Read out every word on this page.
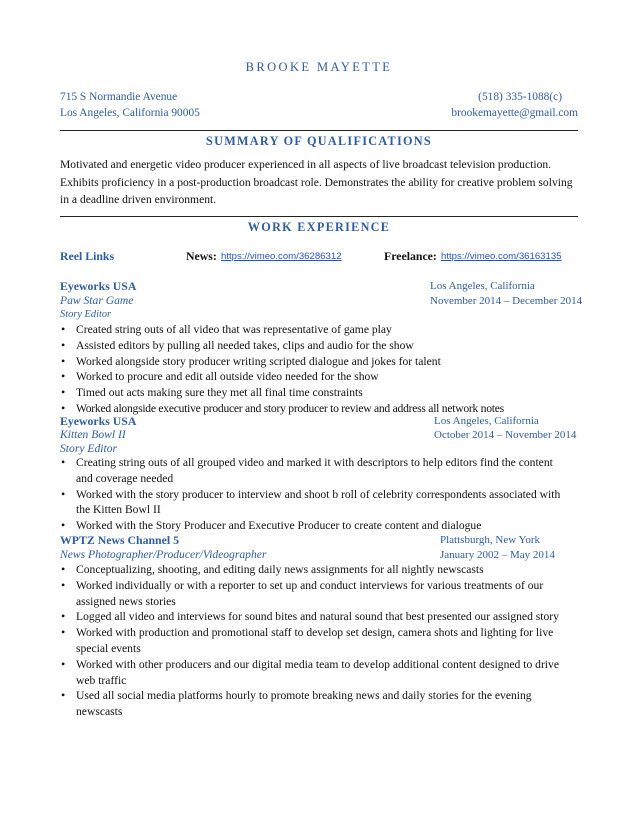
BROOKE MAYETTE
715 S Normandie Avenue
Los Angeles, California 90005
(518) 335-1088(c)
brookemayette@gmail.com
SUMMARY OF QUALIFICATIONS
Motivated and energetic video producer experienced in all aspects of live broadcast television production. Exhibits proficiency in a post-production broadcast role. Demonstrates the ability for creative problem solving in a deadline driven environment.
WORK EXPERIENCE
Reel Links	News: https://vimeo.com/36286312	Freelance: https://vimeo.com/36163135
Eyeworks USA	Los Angeles, California
Paw Star Game	November 2014 – December 2014
Story Editor
• Created string outs of all video that was representative of game play
• Assisted editors by pulling all needed takes, clips and audio for the show
• Worked alongside story producer writing scripted dialogue and jokes for talent
• Worked to procure and edit all outside video needed for the show
• Timed out acts making sure they met all final time constraints
• Worked alongside executive producer and story producer to review and address all network notes
Eyeworks USA	Los Angeles, California
Kitten Bowl II	October 2014 – November 2014
Story Editor
• Creating string outs of all grouped video and marked it with descriptors to help editors find the content and coverage needed
• Worked with the story producer to interview and shoot b roll of celebrity correspondents associated with the Kitten Bowl II
• Worked with the Story Producer and Executive Producer to create content and dialogue
WPTZ News Channel 5	Plattsburgh, New York
News Photographer/Producer/Videographer	January 2002 – May 2014
• Conceptualizing, shooting, and editing daily news assignments for all nightly newscasts
• Worked individually or with a reporter to set up and conduct interviews for various treatments of our assigned news stories
• Logged all video and interviews for sound bites and natural sound that best presented our assigned story
• Worked with production and promotional staff to develop set design, camera shots and lighting for live special events
• Worked with other producers and our digital media team to develop additional content designed to drive web traffic
• Used all social media platforms hourly to promote breaking news and daily stories for the evening newscasts
